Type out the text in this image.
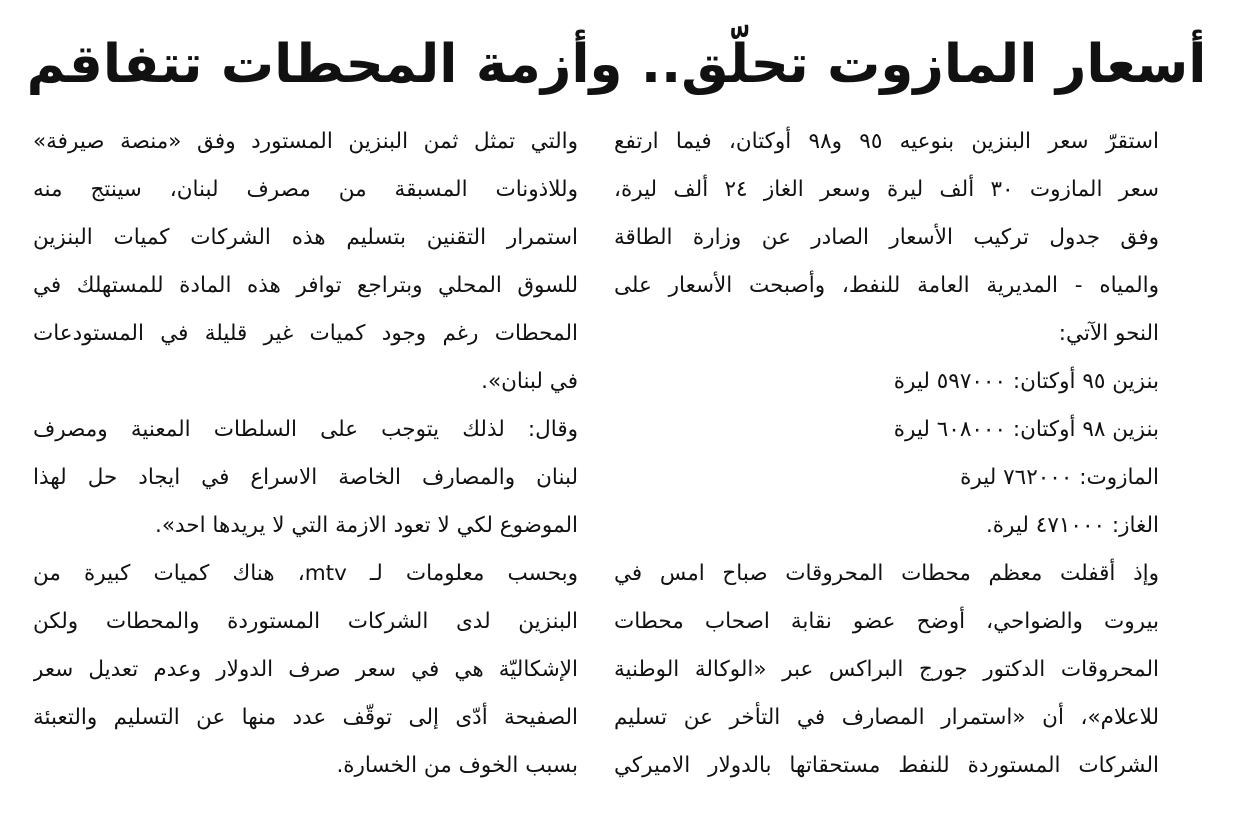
أسعار المازوت تحلّق.. وأزمة المحطات تتفاقم
استقرّ سعر البنزين بنوعيه ٩٥ و٩٨ أوكتان، فيما ارتفع
سعر المازوت ٣٠ ألف ليرة وسعر الغاز ٢٤ ألف ليرة،
وفق جدول تركيب الأسعار الصادر عن وزارة الطاقة
والمياه - المديرية العامة للنفط، وأصبحت الأسعار على
النحو الآتي:
بنزين ٩٥ أوكتان: ٥٩٧٠٠٠ ليرة
بنزين ٩٨ أوكتان: ٦٠٨٠٠٠ ليرة
المازوت: ٧٦٢٠٠٠ ليرة
الغاز: ٤٧١٠٠٠ ليرة.
وإذ أقفلت معظم محطات المحروقات صباح امس في
بيروت والضواحي، أوضح عضو نقابة اصحاب محطات
المحروقات الدكتور جورج البراكس عبر «الوكالة الوطنية
للاعلام»، أن «استمرار المصارف في التأخر عن تسليم
الشركات المستوردة للنفط مستحقاتها بالدولار الاميركي
والتي تمثل ثمن البنزين المستورد وفق «منصة صيرفة»
وللاذونات المسبقة من مصرف لبنان، سينتج منه
استمرار التقنين بتسليم هذه الشركات كميات البنزين
للسوق المحلي وبتراجع توافر هذه المادة للمستهلك في
المحطات رغم وجود كميات غير قليلة في المستودعات
في لبنان».
وقال: لذلك يتوجب على السلطات المعنية ومصرف
لبنان والمصارف الخاصة الاسراع في ايجاد حل لهذا
الموضوع لكي لا تعود الازمة التي لا يريدها احد».
وبحسب معلومات لـ mtv، هناك كميات كبيرة من
البنزين لدى الشركات المستوردة والمحطات ولكن
الإشكاليّة هي في سعر صرف الدولار وعدم تعديل سعر
الصفيحة أدّى إلى توقّف عدد منها عن التسليم والتعبئة
بسبب الخوف من الخسارة.
